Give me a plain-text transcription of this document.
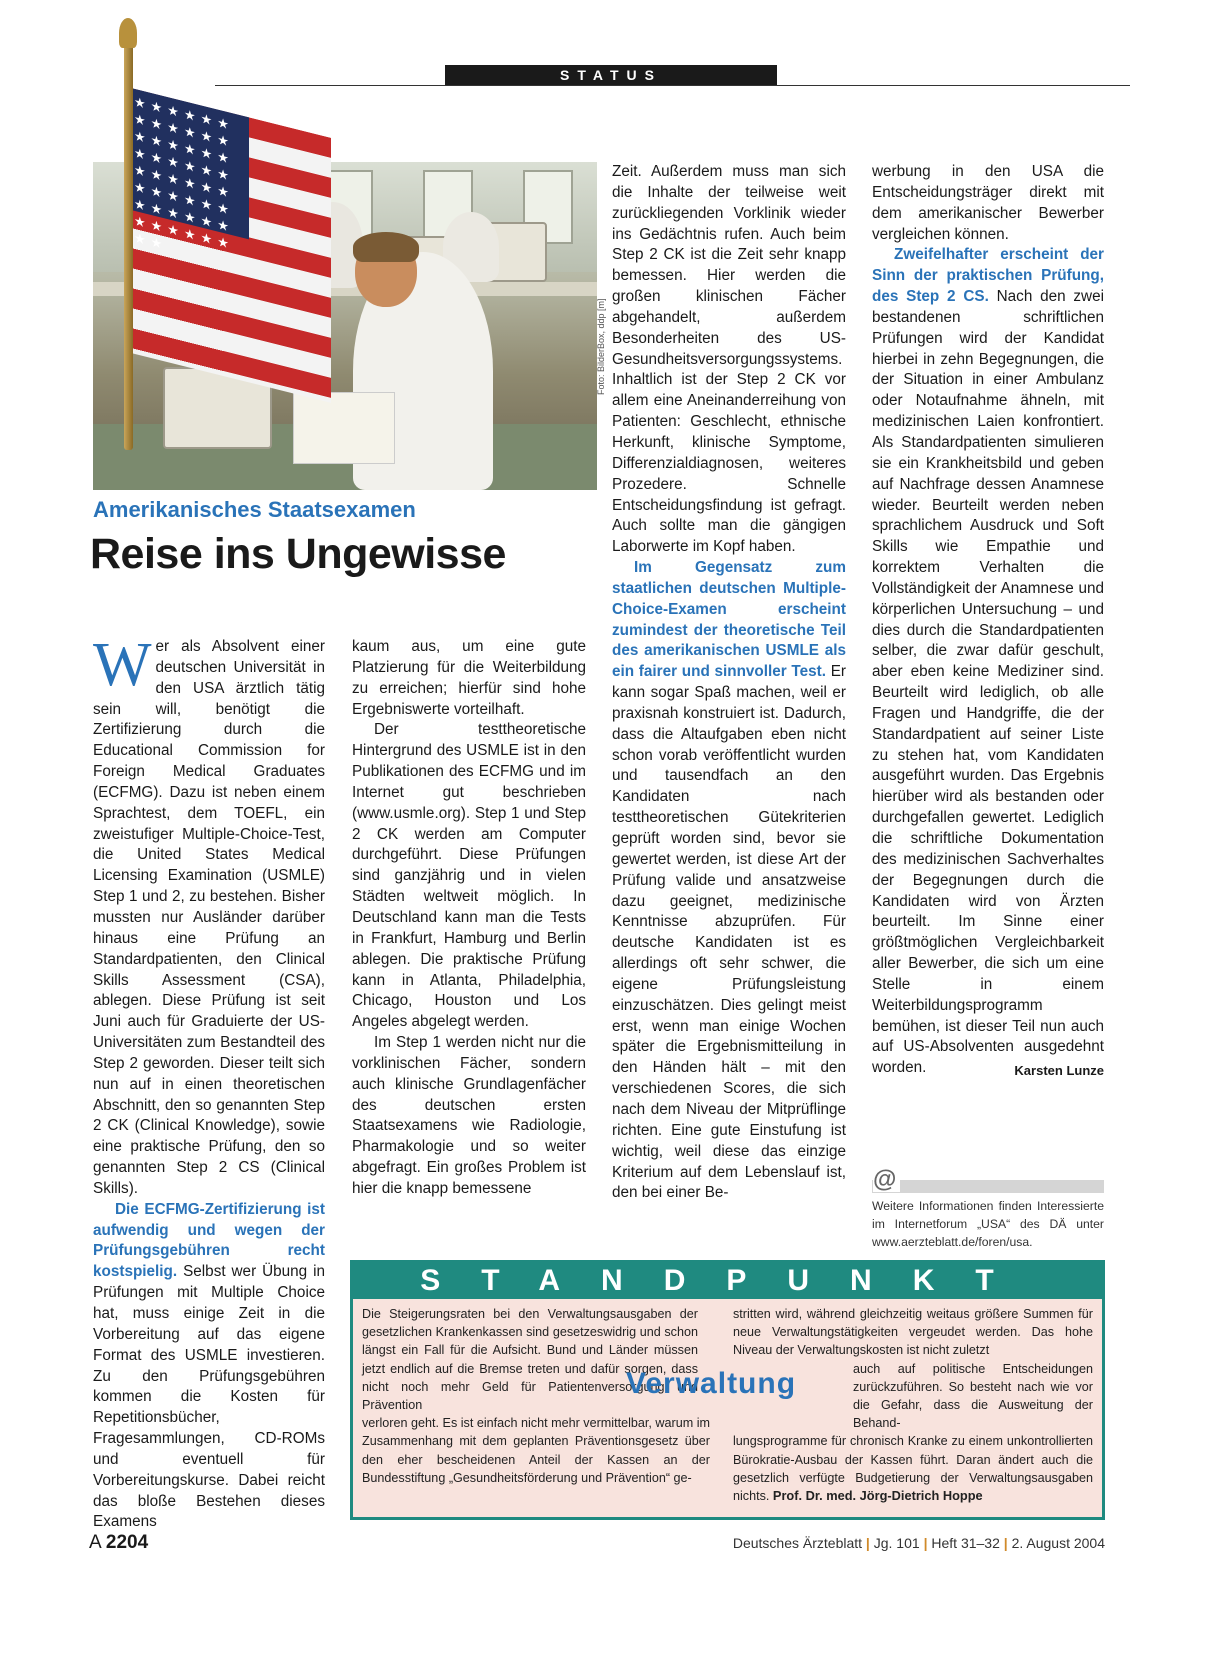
STATUS
Foto: BilderBox, ddp [m]
★★★★★★★★★★★★★★★★★★★★★★★★★★★★★★★★★★★★★★★★★★★★★★★★★★
Amerikanisches Staatsexamen
Reise ins Ungewisse

Wer als Absolvent einer deutschen Universität in den USA ärztlich tätig sein will, benötigt die Zertifizierung durch die Educational Commission for Foreign Medical Graduates (ECFMG). Dazu ist neben einem Sprachtest, dem TOEFL, ein zweistufiger Multiple-Choice-Test, die United States Medical Licensing Examination (USMLE) Step 1 und 2, zu bestehen. Bisher mussten nur Ausländer darüber hinaus eine Prüfung an Standardpatienten, den Clinical Skills Assessment (CSA), ablegen. Diese Prüfung ist seit Juni auch für Graduierte der US-Universitäten zum Bestandteil des Step 2 geworden. Dieser teilt sich nun auf in einen theoretischen Abschnitt, den so genannten Step 2 CK (Clinical Knowledge), sowie eine praktische Prüfung, den so genannten Step 2 CS (Clinical Skills).

Die ECFMG-Zertifizierung ist aufwendig und wegen der Prüfungsgebühren recht kostspielig. Selbst wer Übung in Prüfungen mit Multiple Choice hat, muss einige Zeit in die Vorbereitung auf das eigene Format des USMLE investieren. Zu den Prüfungsgebühren kommen die Kosten für Repetitionsbücher, Fragesammlungen, CD-ROMs und eventuell für Vorbereitungskurse. Dabei reicht das bloße Bestehen dieses Examens

kaum aus, um eine gute Platzierung für die Weiterbildung zu erreichen; hierfür sind hohe Ergebniswerte vorteilhaft.

Der testtheoretische Hintergrund des USMLE ist in den Publikationen des ECFMG und im Internet gut beschrieben (www.usmle.org). Step 1 und Step 2 CK werden am Computer durchgeführt. Diese Prüfungen sind ganzjährig und in vielen Städten weltweit möglich. In Deutschland kann man die Tests in Frankfurt, Hamburg und Berlin ablegen. Die praktische Prüfung kann in Atlanta, Philadelphia, Chicago, Houston und Los Angeles abgelegt werden.

Im Step 1 werden nicht nur die vorklinischen Fächer, sondern auch klinische Grundlagenfächer des deutschen ersten Staatsexamens wie Radiologie, Pharmakologie und so weiter abgefragt. Ein großes Problem ist hier die knapp bemessene

Zeit. Außerdem muss man sich die Inhalte der teilweise weit zurückliegenden Vorklinik wieder ins Gedächtnis rufen. Auch beim Step 2 CK ist die Zeit sehr knapp bemessen. Hier werden die großen klinischen Fächer abgehandelt, außerdem Besonderheiten des US-Gesundheitsversorgungssystems. Inhaltlich ist der Step 2 CK vor allem eine Aneinanderreihung von Patienten: Geschlecht, ethnische Herkunft, klinische Symptome, Differenzialdiagnosen, weiteres Prozedere. Schnelle Entscheidungsfindung ist gefragt. Auch sollte man die gängigen Laborwerte im Kopf haben.

Im Gegensatz zum staatlichen deutschen Multiple-Choice-Examen erscheint zumindest der theoretische Teil des amerikanischen USMLE als ein fairer und sinnvoller Test. Er kann sogar Spaß machen, weil er praxisnah konstruiert ist. Dadurch, dass die Altaufgaben eben nicht schon vorab veröffentlicht wurden und tausendfach an den Kandidaten nach testtheoretischen Gütekriterien geprüft worden sind, bevor sie gewertet werden, ist diese Art der Prüfung valide und ansatzweise dazu geeignet, medizinische Kenntnisse abzuprüfen. Für deutsche Kandidaten ist es allerdings oft sehr schwer, die eigene Prüfungsleistung einzuschätzen. Dies gelingt meist erst, wenn man einige Wochen später die Ergebnismitteilung in den Händen hält – mit den verschiedenen Scores, die sich nach dem Niveau der Mitprüflinge richten. Eine gute Einstufung ist wichtig, weil diese das einzige Kriterium auf dem Lebenslauf ist, den bei einer Be-

werbung in den USA die Entscheidungsträger direkt mit dem amerikanischer Bewerber vergleichen können.

Zweifelhafter erscheint der Sinn der praktischen Prüfung, des Step 2 CS. Nach den zwei bestandenen schriftlichen Prüfungen wird der Kandidat hierbei in zehn Begegnungen, die der Situation in einer Ambulanz oder Notaufnahme ähneln, mit medizinischen Laien konfrontiert. Als Standardpatienten simulieren sie ein Krankheitsbild und geben auf Nachfrage dessen Anamnese wieder. Beurteilt werden neben sprachlichem Ausdruck und Soft Skills wie Empathie und korrektem Verhalten die Vollständigkeit der Anamnese und körperlichen Untersuchung – und dies durch die Standardpatienten selber, die zwar dafür geschult, aber eben keine Mediziner sind. Beurteilt wird lediglich, ob alle Fragen und Handgriffe, die der Standardpatient auf seiner Liste zu stehen hat, vom Kandidaten ausgeführt wurden. Das Ergebnis hierüber wird als bestanden oder durchgefallen gewertet. Lediglich die schriftliche Dokumentation des medizinischen Sachverhaltes der Begegnungen durch die Kandidaten wird von Ärzten beurteilt. Im Sinne einer größtmöglichen Vergleichbarkeit aller Bewerber, die sich um eine Stelle in einem Weiterbildungsprogramm bemühen, ist dieser Teil nun auch auf US-Absolventen ausgedehnt worden.	Karsten Lunze

@
Weitere Informationen finden Interessierte im Internetforum „USA“ des DÄ unter www.aerzteblatt.de/foren/usa.
STANDPUNKT
Die Steigerungsraten bei den Verwaltungsausgaben der gesetzlichen Krankenkassen sind gesetzeswidrig und schon längst ein Fall für die Aufsicht. Bund und Länder müssen jetzt endlich auf die Bremse treten und dafür sorgen, dass nicht noch mehr Geld für Patientenversorgung und Prävention
verloren geht. Es ist einfach nicht mehr vermittelbar, warum im Zusammenhang mit dem geplanten Präventionsgesetz über den eher bescheidenen Anteil der Kassen an der Bundesstiftung „Gesundheitsförderung und Prävention“ ge-
Verwaltung
stritten wird, während gleichzeitig weitaus größere Summen für neue Verwaltungstätigkeiten vergeudet werden. Das hohe Niveau der Verwaltungskosten ist nicht zuletzt
auch auf politische Entscheidungen zurückzuführen. So besteht nach wie vor die Gefahr, dass die Ausweitung der Behand-
lungsprogramme für chronisch Kranke zu einem unkontrollierten Bürokratie-Ausbau der Kassen führt. Daran ändert auch die gesetzlich verfügte Budgetierung der Verwaltungsausgaben nichts. Prof. Dr. med. Jörg-Dietrich Hoppe
A 2204	Deutsches Ärzteblatt | Jg. 101 | Heft 31–32 | 2. August 2004
